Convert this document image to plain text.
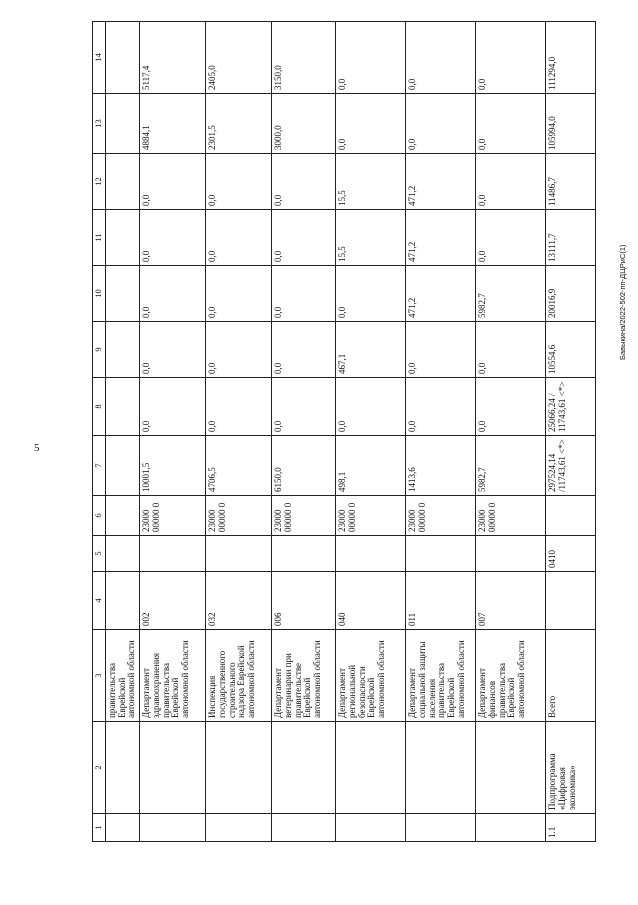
5
Бавыкина/2022-502-пп-ДЦРиС(1)
1	2	3	4	5	6	7	8	9	10	11	12	13	14
		правительства Еврейской автономной области											
		Департамент здравоохранения правительства Еврейской автономной области	002		23000 00000 0	10001,5	0,0	0,0	0,0	0,0	0,0	4884,1	5117,4
		Инспекция государственного строительного надзора Еврейской автономной области	032		23000 00000 0	4706,5	0,0	0,0	0,0	0,0	0,0	2301,5	2405,0
		Департамент ветеринарии при правительстве Еврейской автономной области	006		23000 00000 0	6150,0	0,0	0,0	0,0	0,0	0,0	3000,0	3150,0
		Департамент региональной безопасности Еврейской автономной области	040		23000 00000 0	498,1	0,0	467,1	0,0	15,5	15,5	0,0	0,0
		Департамент социальной защиты населения правительства Еврейской автономной области	011		23000 00000 0	1413,6	0,0	0,0	471,2	471,2	471,2	0,0	0,0
		Департамент финансов правительства Еврейской автономной области	007		23000 00000 0	5982,7	0,0	0,0	5982,7	0,0	0,0	0,0	0,0
1.1	Подпрограмма «Цифровая экономика»	Всего		0410		297524,14 /11743,61 <*>	25066,24 / 11743,61 <*>	10554,6	20016,9	13111,7	11486,7	105994,0	111294,0
